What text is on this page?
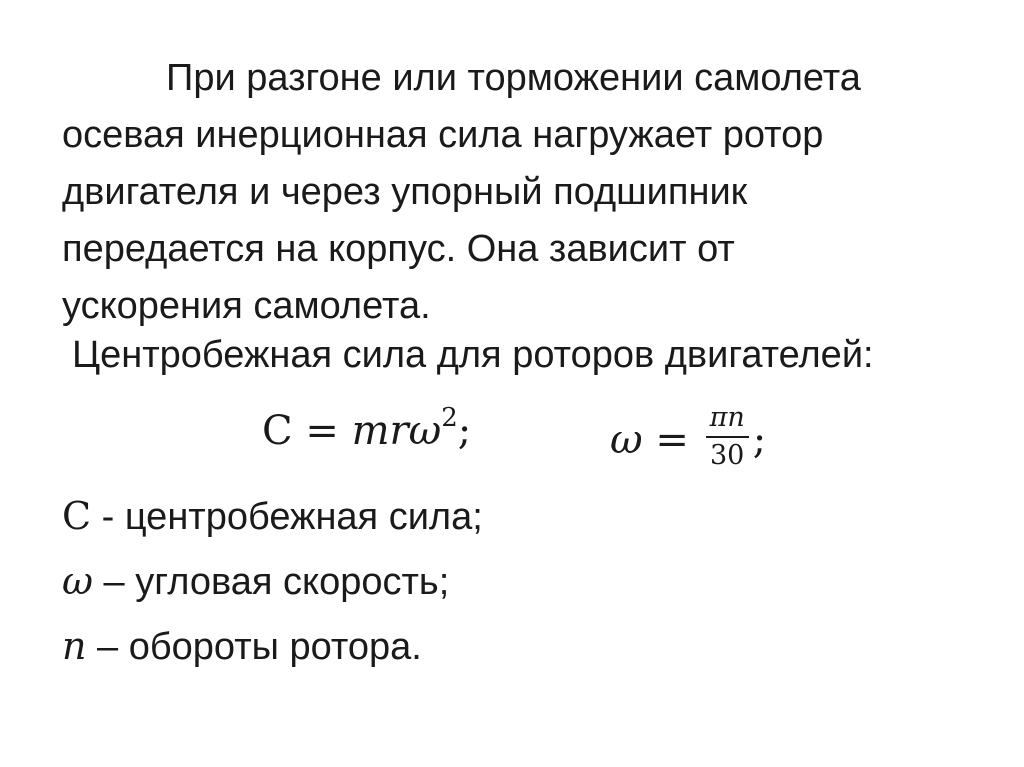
При разгоне или торможении самолета
осевая инерционная сила нагружает ротор
двигателя и через упорный подшипник
передается на корпус. Она зависит от
ускорения самолета.
Центробежная сила для роторов двигателей:
C = mrω$^2$;	$\omega = \frac{\pi n}{30}$ ;
C - центробежная сила;
ω – угловая скорость;
n – обороты ротора.
